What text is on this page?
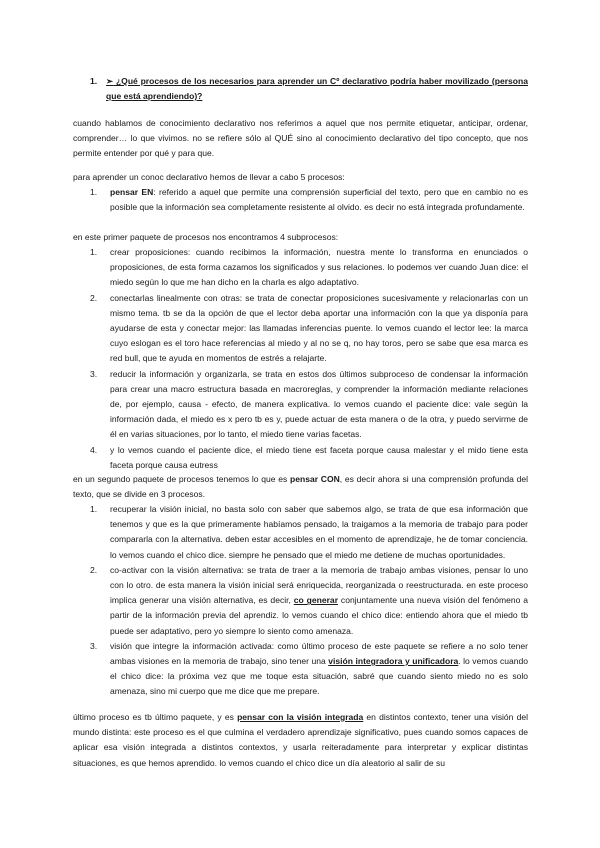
1.	➢ ¿Qué procesos de los necesarios para aprender un Cº declarativo podría haber movilizado (persona que está aprendiendo)?
cuando hablamos de conocimiento declarativo nos referimos a aquel que nos permite etiquetar, anticipar, ordenar, comprender… lo que vivimos. no se refiere sólo al QUÉ sino al conocimiento declarativo del tipo concepto, que nos permite entender por qué y para que.
para aprender un conoc declarativo hemos de llevar a cabo 5 procesos:
1. pensar EN: referido a aquel que permite una comprensión superficial del texto, pero que en cambio no es posible que la información sea completamente resistente al olvido. es decir no está integrada profundamente.
en este primer paquete de procesos nos encontramos 4 subprocesos:
1. crear proposiciones: cuando recibimos la información, nuestra mente lo transforma en enunciados o proposiciones, de esta forma cazamos los significados y sus relaciones. lo podemos ver cuando Juan dice: el miedo según lo que me han dicho en la charla es algo adaptativo.
2. conectarlas linealmente con otras: se trata de conectar proposiciones sucesivamente y relacionarlas con un mismo tema. tb se da la opción de que el lector deba aportar una información con la que ya disponía para ayudarse de esta y conectar mejor: las llamadas inferencias puente. lo vemos cuando el lector lee: la marca cuyo eslogan es el toro hace referencias al miedo y al no se q, no hay toros, pero se sabe que esa marca es red bull, que te ayuda en momentos de estrés a relajarte.
3. reducir la información y organizarla, se trata en estos dos últimos subproceso de condensar la información para crear una macro estructura basada en macroreglas, y comprender la información mediante relaciones de, por ejemplo, causa - efecto, de manera explicativa. lo vemos cuando el paciente dice: vale según la información dada, el miedo es x pero tb es y, puede actuar de esta manera o de la otra, y puedo servirme de él en varias situaciones, por lo tanto, el miedo tiene varias facetas.
4. y lo vemos cuando el paciente dice, el miedo tiene est faceta porque causa malestar y el mido tiene esta faceta porque causa eutress
en un segundo paquete de procesos tenemos lo que es pensar CON, es decir ahora si una comprensión profunda del texto, que se divide en 3 procesos.
1. recuperar la visión inicial, no basta solo con saber que sabemos algo, se trata de que esa información que tenemos y que es la que primeramente habíamos pensado, la traigamos a la memoria de trabajo para poder compararla con la alternativa. deben estar accesibles en el momento de aprendizaje, he de tomar conciencia. lo vemos cuando el chico dice. siempre he pensado que el miedo me detiene de muchas oportunidades.
2. co-activar con la visión alternativa: se trata de traer a la memoria de trabajo ambas visiones, pensar lo uno con lo otro. de esta manera la visión inicial será enriquecida, reorganizada o reestructurada. en este proceso implica generar una visión alternativa, es decir, co generar conjuntamente una nueva visión del fenómeno a partir de la información previa del aprendiz. lo vemos cuando el chico dice: entiendo ahora que el miedo tb puede ser adaptativo, pero yo siempre lo siento como amenaza.
3. visión que integre la información activada: como último proceso de este paquete se refiere a no solo tener ambas visiones en la memoria de trabajo, sino tener una visión integradora y unificadora. lo vemos cuando el chico dice: la próxima vez que me toque esta situación, sabré que cuando siento miedo no es solo amenaza, sino mi cuerpo que me dice que me prepare.
último proceso es tb último paquete, y es pensar con la visión integrada en distintos contexto, tener una visión del mundo distinta: este proceso es el que culmina el verdadero aprendizaje significativo, pues cuando somos capaces de aplicar esa visión integrada a distintos contextos, y usarla reiteradamente para interpretar y explicar distintas situaciones, es que hemos aprendido. lo vemos cuando el chico dice un día aleatorio al salir de su
